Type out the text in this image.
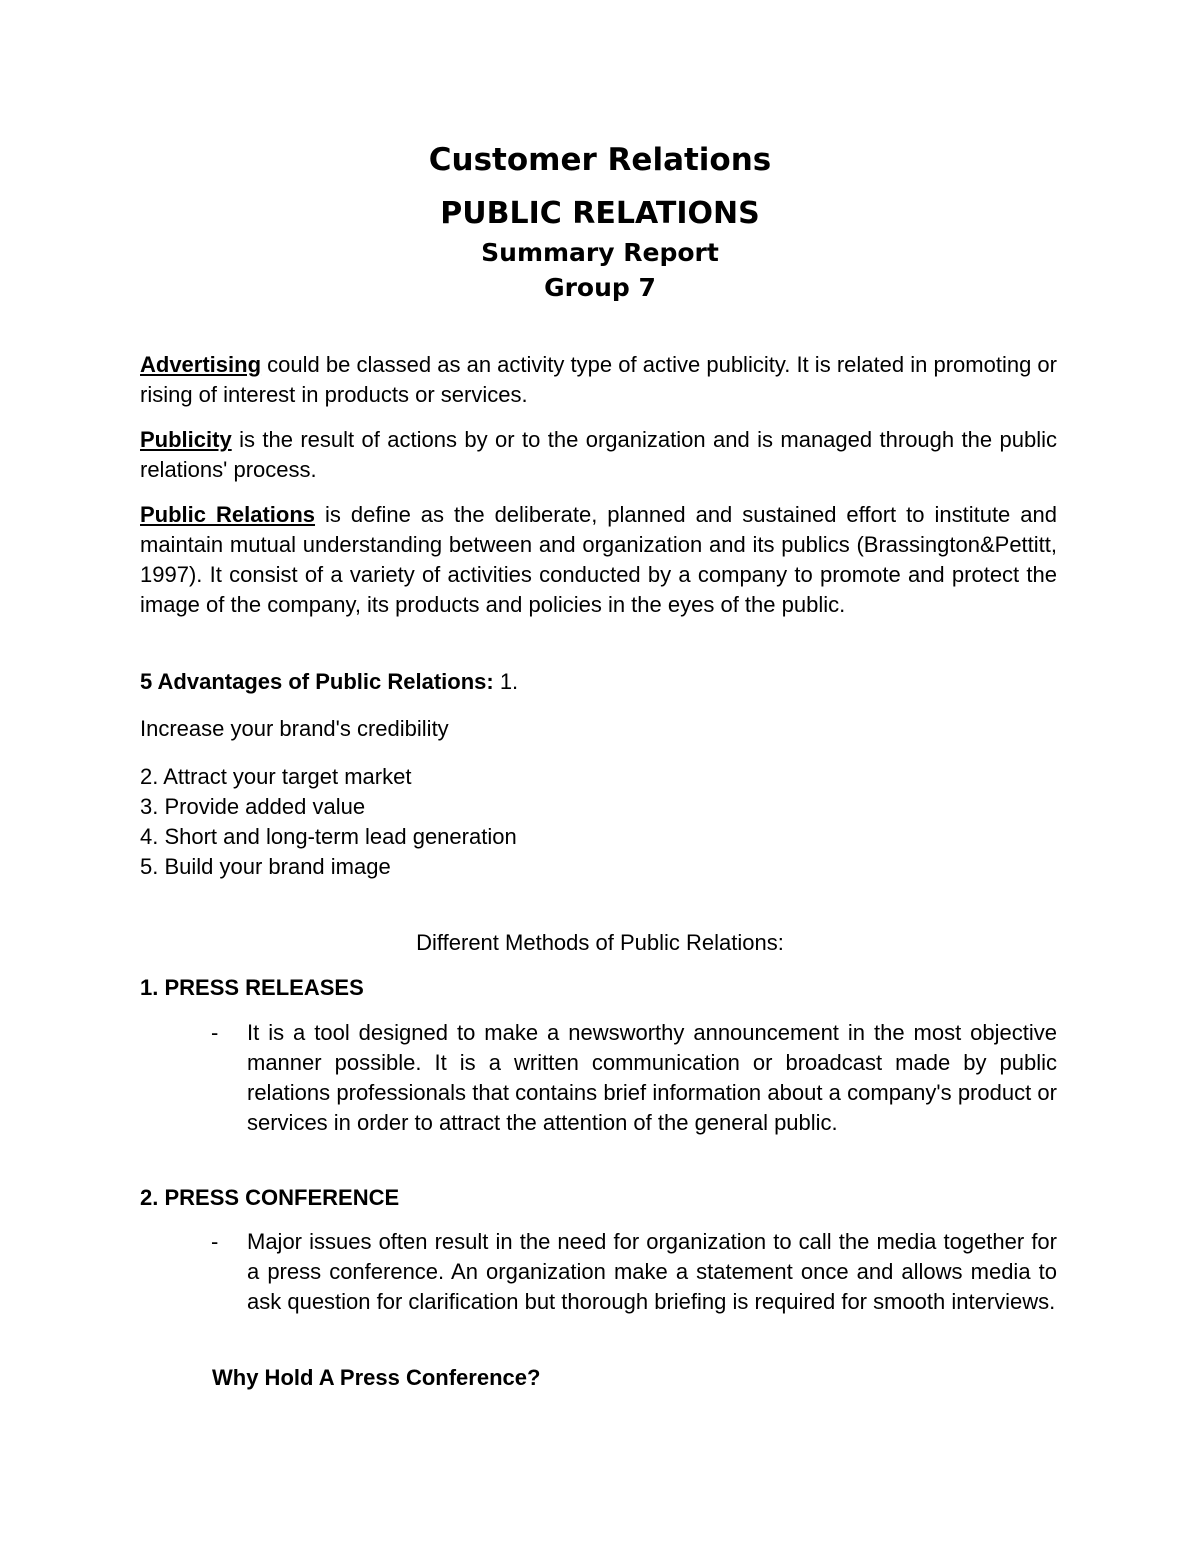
Customer Relations

PUBLIC RELATIONS

Summary Report

Group 7

Advertising could be classed as an activity type of active publicity. It is related in promoting or rising of interest in products or services.

Publicity is the result of actions by or to the organization and is managed through the public relations' process.

Public Relations is define as the deliberate, planned and sustained effort to institute and maintain mutual understanding between and organization and its publics (Brassington&Pettitt, 1997). It consist of a variety of activities conducted by a company to promote and protect the image of the company, its products and policies in the eyes of the public.

5 Advantages of Public Relations: 1.

Increase your brand's credibility

2. Attract your target market
3. Provide added value
4. Short and long-term lead generation
5. Build your brand image

Different Methods of Public Relations:

1. PRESS RELEASES

- It is a tool designed to make a newsworthy announcement in the most objective manner possible. It is a written communication or broadcast made by public relations professionals that contains brief information about a company's product or services in order to attract the attention of the general public.

2. PRESS CONFERENCE

- Major issues often result in the need for organization to call the media together for a press conference. An organization make a statement once and allows media to ask question for clarification but thorough briefing is required for smooth interviews.

Why Hold A Press Conference?
